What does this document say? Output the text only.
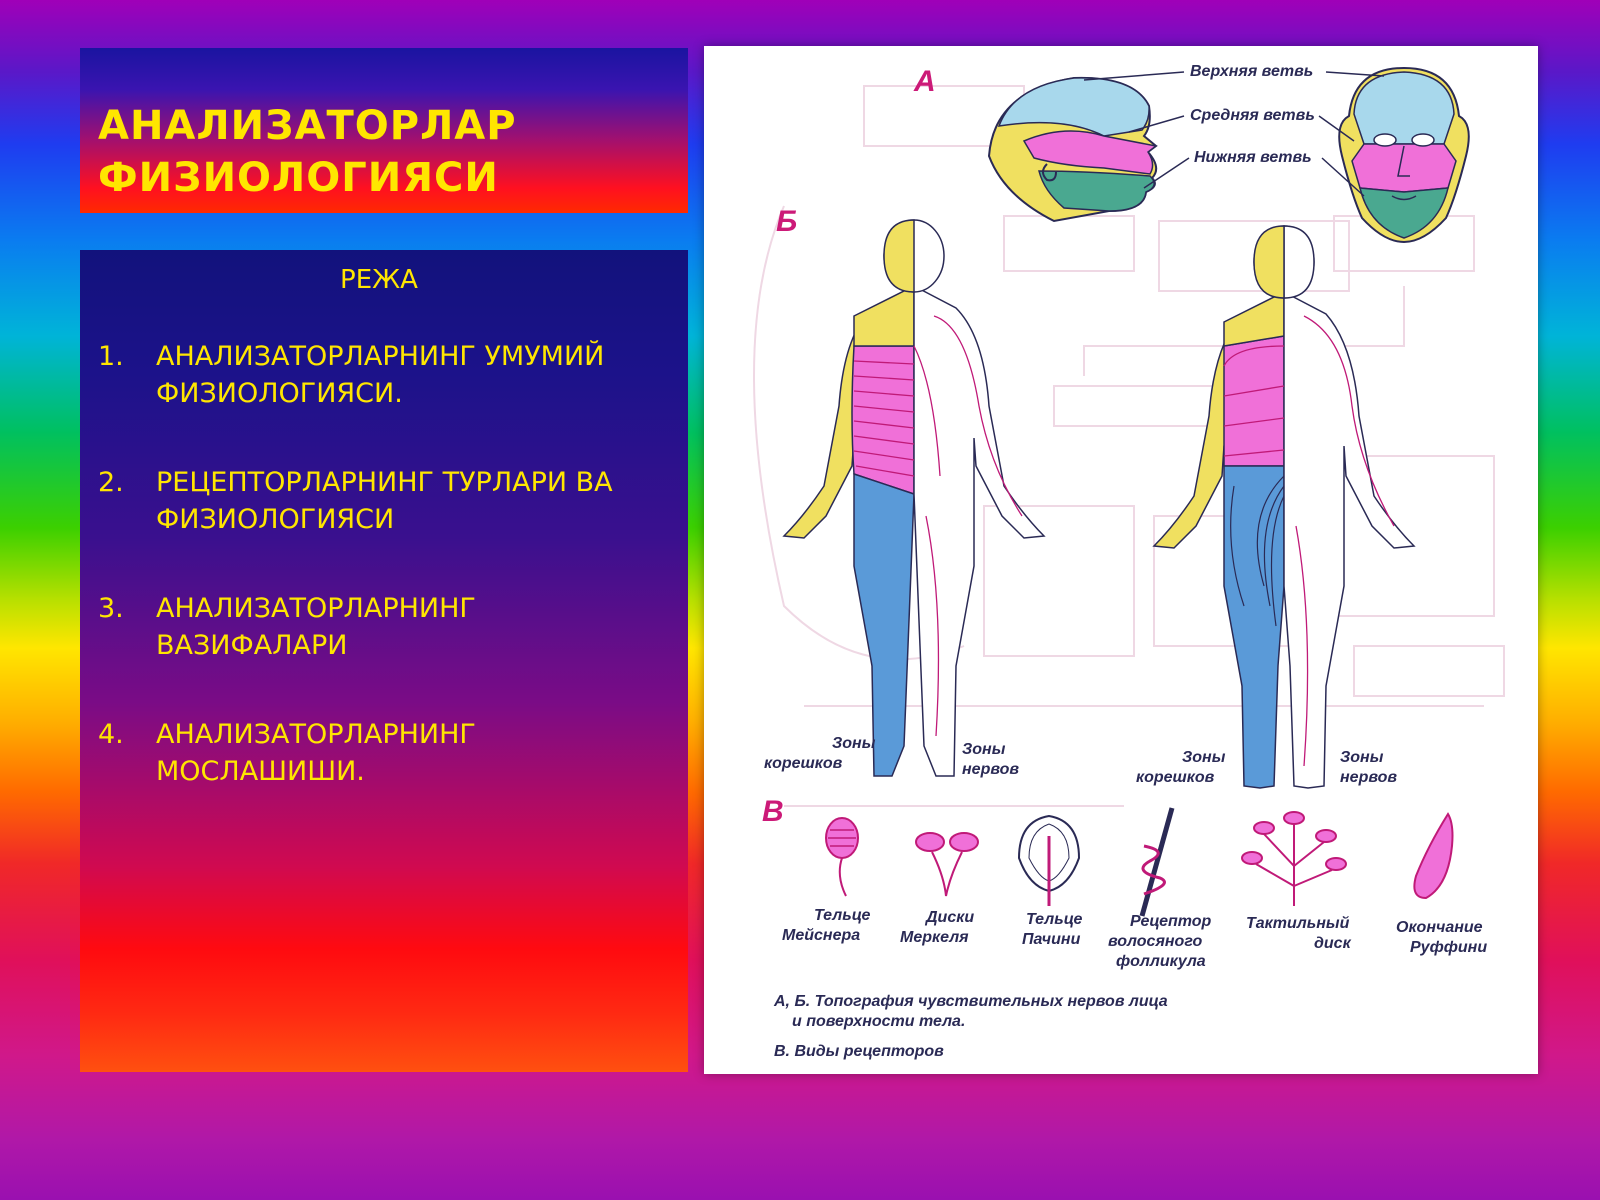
АНАЛИЗАТОРЛАР

ФИЗИОЛОГИЯСИ

РЕЖА

1.	АНАЛИЗАТОРЛАРНИНГ УМУМИЙ
ФИЗИОЛОГИЯСИ.
2.	РЕЦЕПТОРЛАРНИНГ ТУРЛАРИ ВА
ФИЗИОЛОГИЯСИ
3.	АНАЛИЗАТОРЛАРНИНГ
ВАЗИФАЛАРИ
4.	АНАЛИЗАТОРЛАРНИНГ
МОСЛАШИШИ.
А
Б
В
Верхняя ветвь
Средняя ветвь
Нижняя ветвь
Зоны корешков
Зоны нервов
Зоны корешков
Зоны нервов
Тельце Мейснера
Диски Меркеля
Тельце Пачини
Рецептор волосяного фолликула
Тактильный диск
Окончание Руффини
А, Б. Топография чувствительных нервов лица
и поверхности тела.
В. Виды рецепторов
